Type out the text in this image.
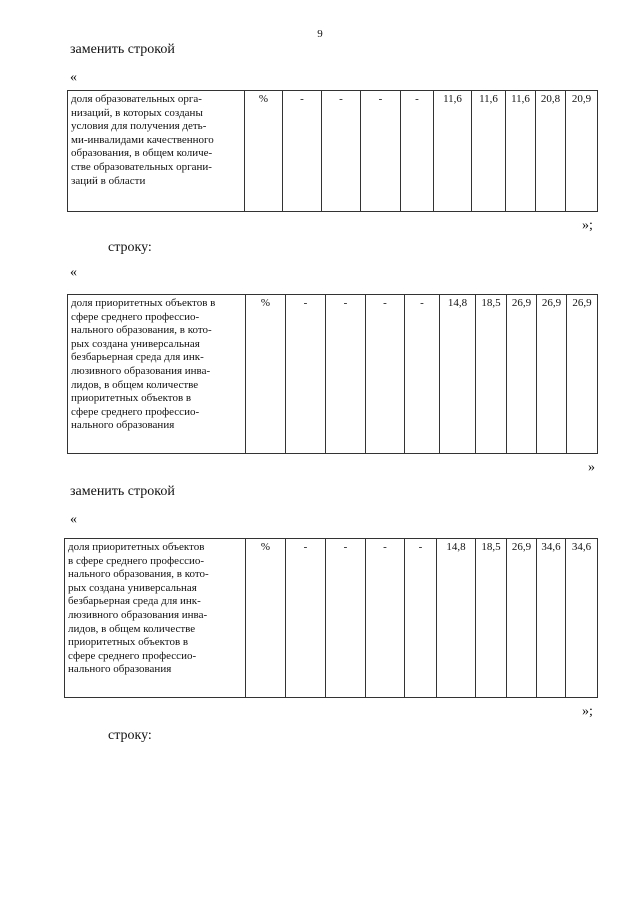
9
заменить строкой
«
доля образовательных орга-
низаций, в которых созданы
условия для получения деть-
ми-инвалидами качественного
образования, в общем количе-
стве образовательных органи-
заций в области
	%	-	-	-	-	11,6	11,6	11,6	20,8	20,9
»;
строку:
«
доля приоритетных объектов в
сфере среднего профессио-
нального образования, в кото-
рых создана универсальная
безбарьерная среда для инк-
люзивного образования инва-
лидов, в общем количестве
приоритетных объектов в
сфере среднего профессио-
нального образования
	%	-	-	-	-	14,8	18,5	26,9	26,9	26,9
»
заменить строкой
«
доля приоритетных объектов
в сфере среднего профессио-
нального образования, в кото-
рых создана универсальная
безбарьерная среда для инк-
люзивного образования инва-
лидов, в общем количестве
приоритетных объектов в
сфере среднего профессио-
нального образования
	%	-	-	-	-	14,8	18,5	26,9	34,6	34,6
»;
строку:
